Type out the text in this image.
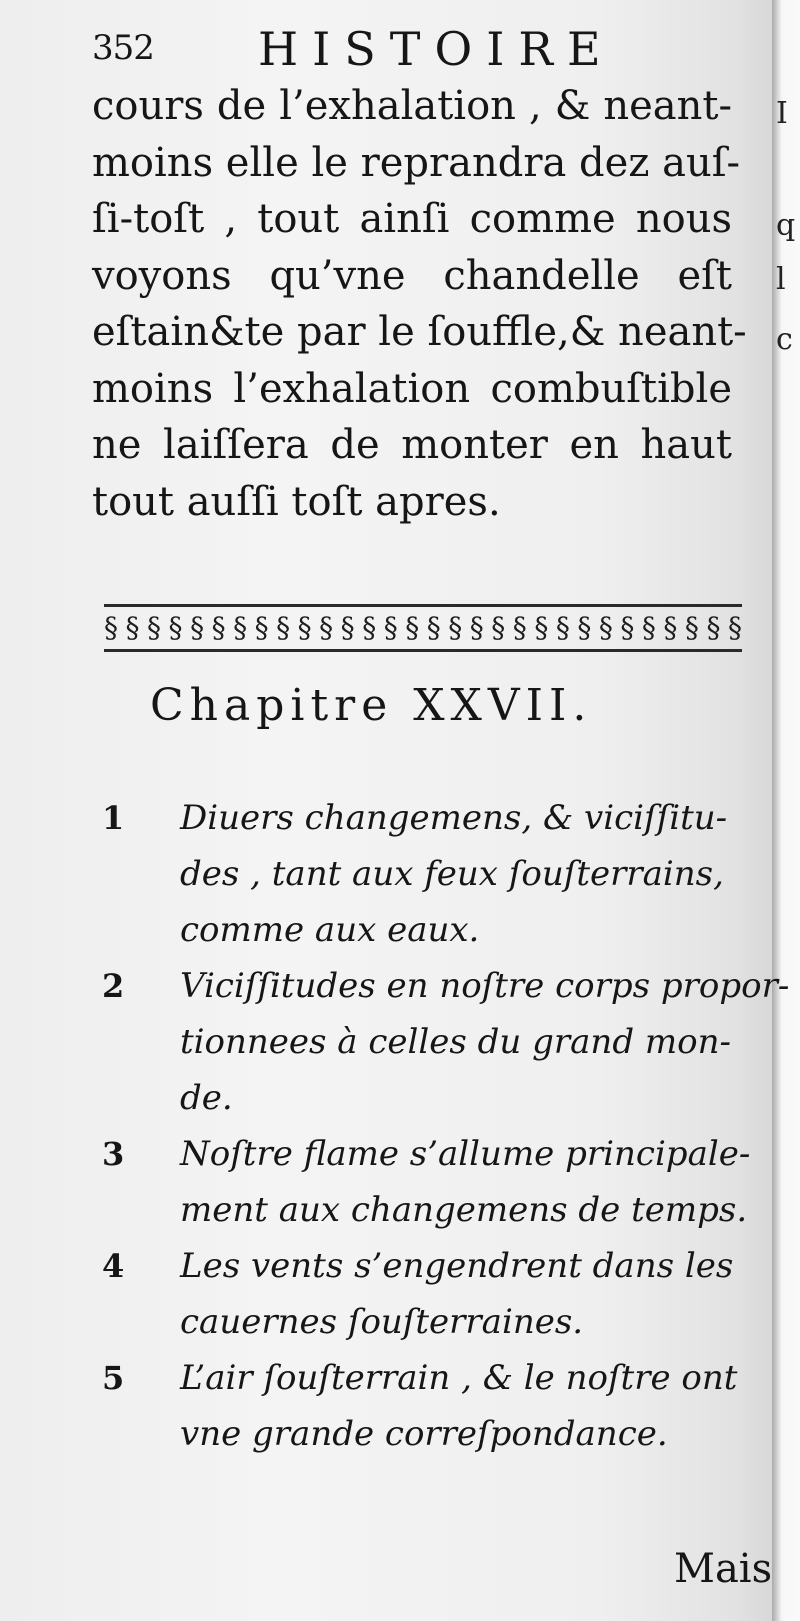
I
q
l
c
352 HISTOIRE
cours de l’exhalation , & neant-
moins elle le reprandra dez auſ-
ſi-toſt , tout ainſi comme nous
voyons qu’vne chandelle eſt
eſtain&te par le ſouffle,& neant-
moins l’exhalation combuſtible
ne laiſſera de monter en haut
tout auſſi toſt apres.
§ § § § § § § § § § § § § § § § § § § § § § § § § § § § § §
Chapitre XXVII.
1	Diuers changemens, & viciſſitu-
des , tant aux feux ſouſterrains,
comme aux eaux.
2	Viciſſitudes en noſtre corps propor-
tionnees à celles du grand mon-
de.
3	Noſtre flame s’allume principale-
ment aux changemens de temps.
4	Les vents s’engendrent dans les
cauernes ſouſterraines.
5	L’air ſouſterrain , & le noſtre ont
vne grande correſpondance.
Mais
